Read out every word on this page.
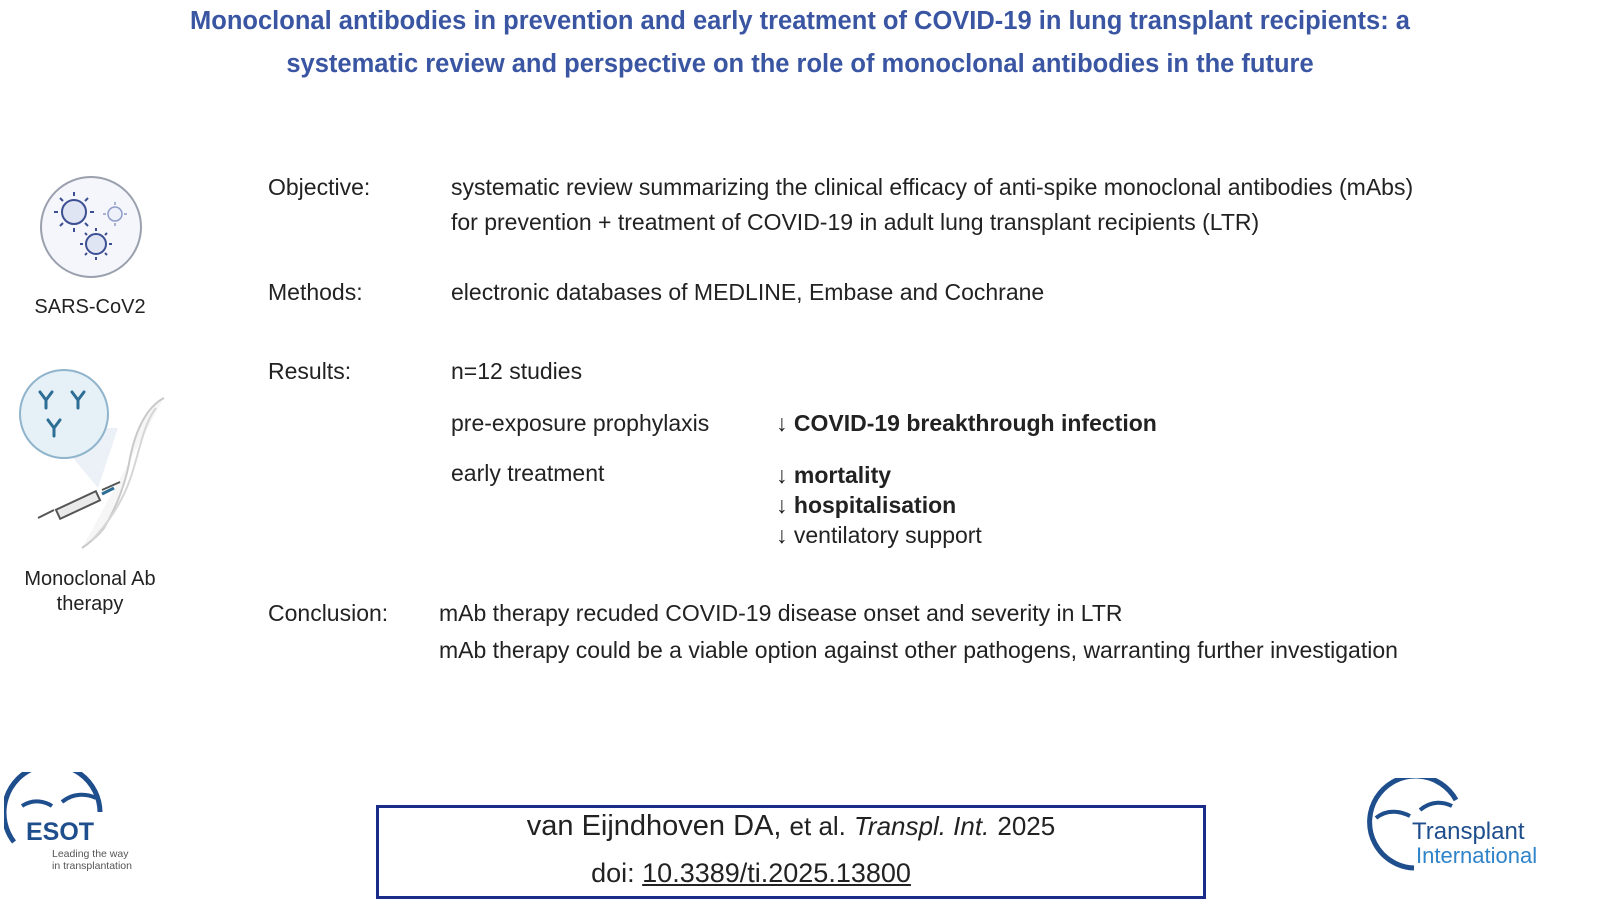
Monoclonal antibodies in prevention and early treatment of COVID-19 in lung transplant recipients: a
systematic review and perspective on the role of monoclonal antibodies in the future
SARS-CoV2
Monoclonal Ab
therapy
Objective:	systematic review summarizing the clinical efficacy of anti-spike monoclonal antibodies (mAbs)
for prevention + treatment of COVID-19 in adult lung transplant recipients (LTR)
Methods:	electronic databases of MEDLINE, Embase and Cochrane
Results:	n=12 studies
pre-exposure prophylaxis	↓ COVID-19 breakthrough infection
early treatment	↓ mortality
↓ hospitalisation
↓ ventilatory support
Conclusion: mAb therapy recuded COVID-19 disease onset and severity in LTR
mAb therapy could be a viable option against other pathogens, warranting further investigation
ESOT
Leading the way
in transplantation
van Eijndhoven DA, et al. Transpl. Int. 2025
doi: 10.3389/ti.2025.13800
Transplant
International
